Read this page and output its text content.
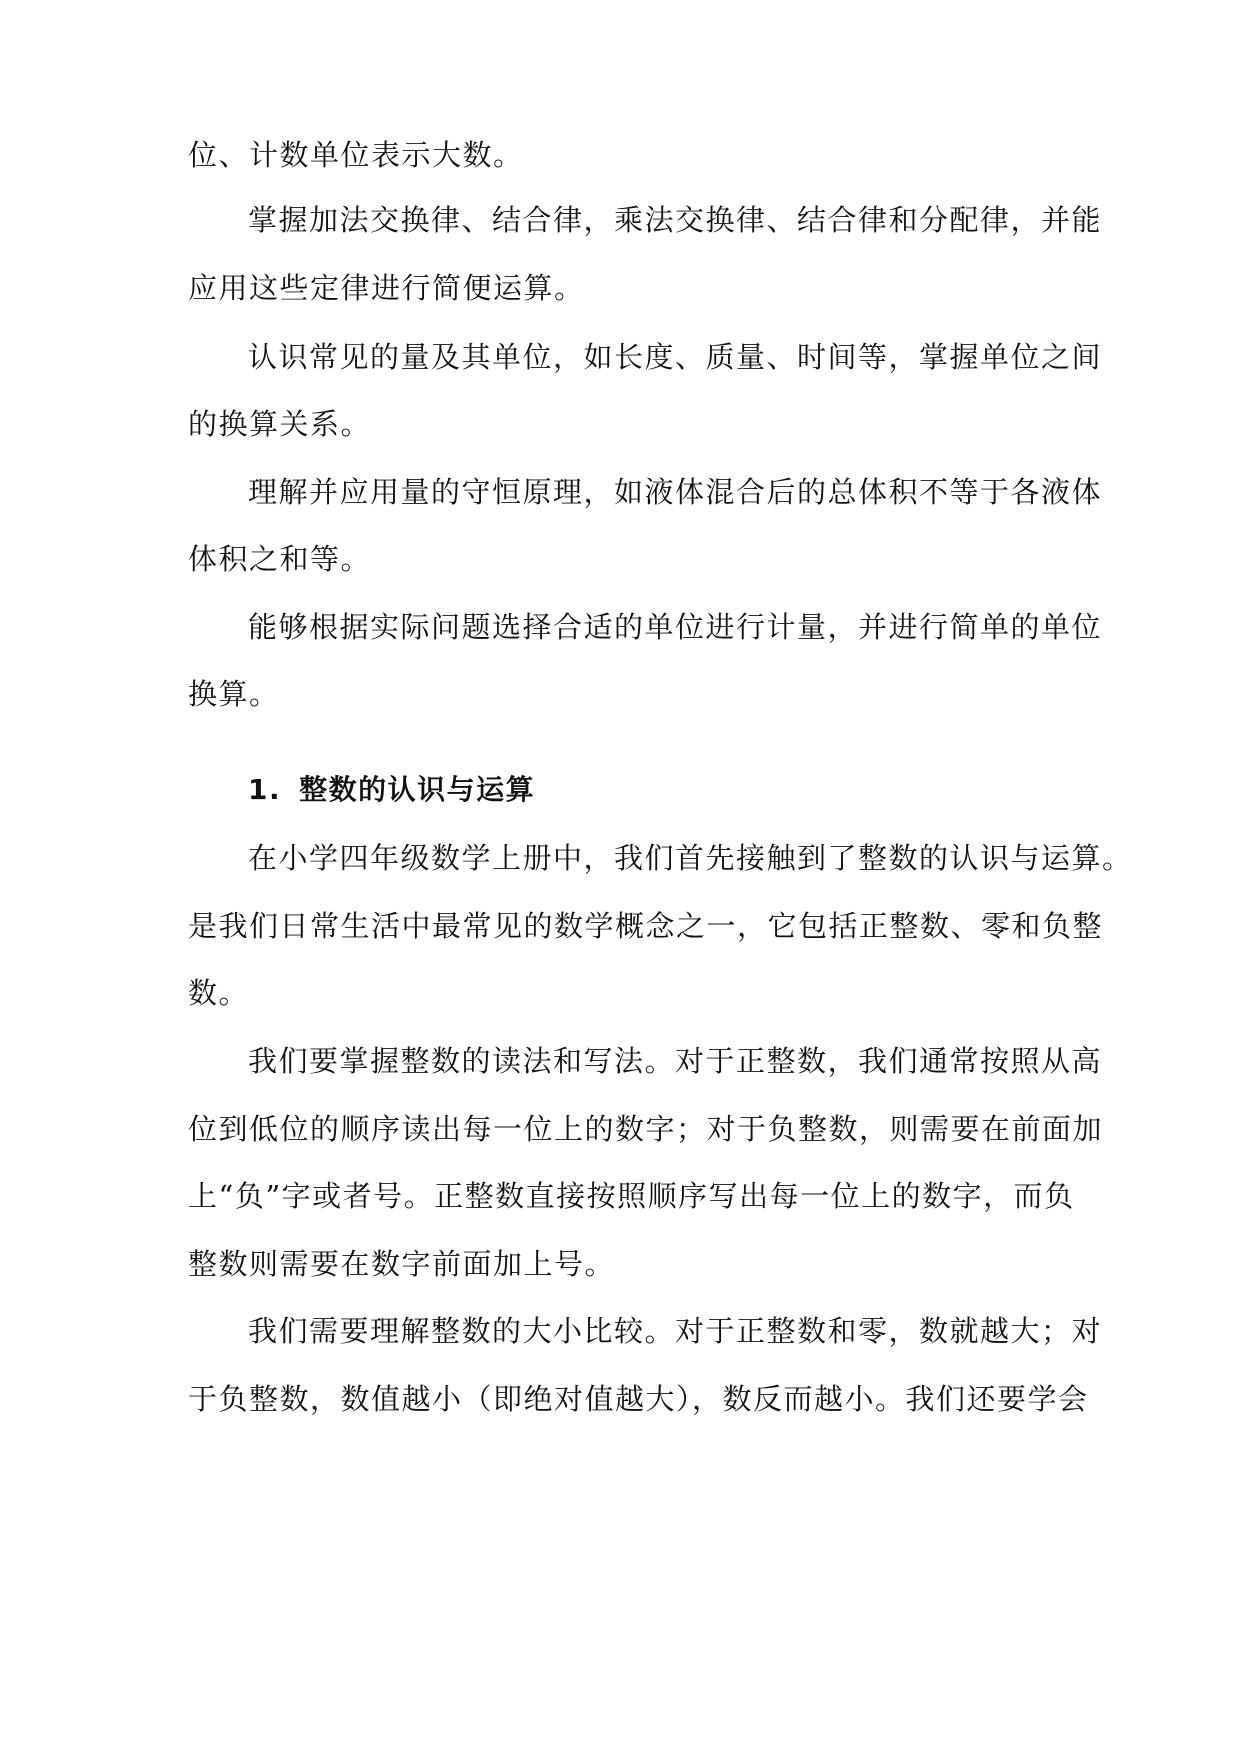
位、计数单位表示大数。
掌握加法交换律、结合律，乘法交换律、结合律和分配律，并能
应用这些定律进行简便运算。
认识常见的量及其单位，如长度、质量、时间等，掌握单位之间
的换算关系。
理解并应用量的守恒原理，如液体混合后的总体积不等于各液体
体积之和等。
能够根据实际问题选择合适的单位进行计量，并进行简单的单位
换算。
1. 整数的认识与运算
在小学四年级数学上册中，我们首先接触到了整数的认识与运算。
是我们日常生活中最常见的数学概念之一，它包括正整数、零和负整
数。
我们要掌握整数的读法和写法。对于正整数，我们通常按照从高
位到低位的顺序读出每一位上的数字；对于负整数，则需要在前面加
上“负”字或者号。正整数直接按照顺序写出每一位上的数字，而负
整数则需要在数字前面加上号。
我们需要理解整数的大小比较。对于正整数和零，数就越大；对
于负整数，数值越小（即绝对值越大），数反而越小。我们还要学会
